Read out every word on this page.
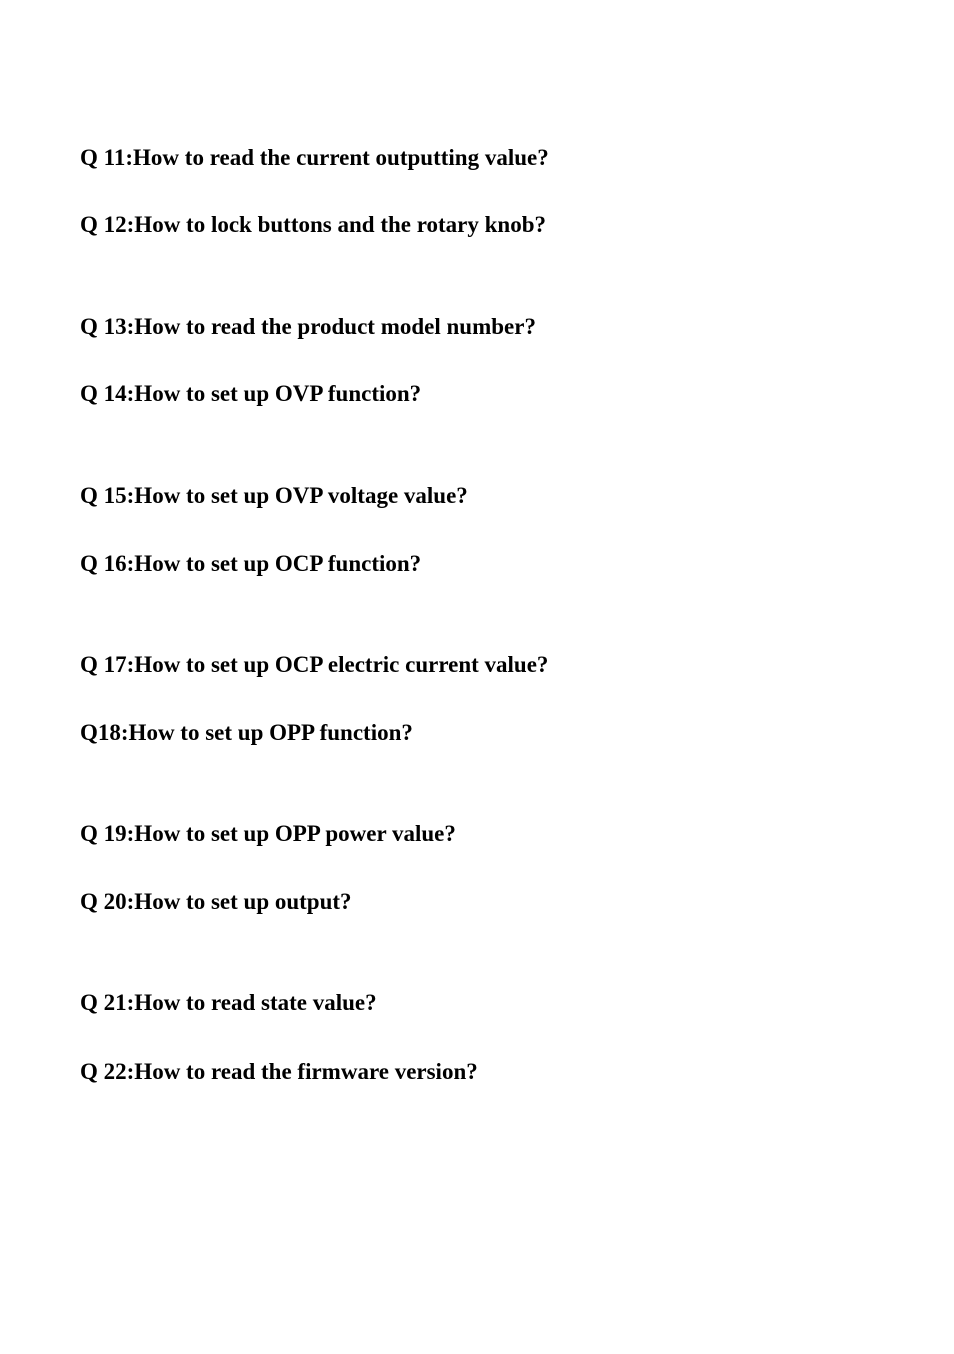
Q 11:How to read the current outputting value?

Q 12:How to lock buttons and the rotary knob?

Q 13:How to read the product model number?

Q 14:How to set up OVP function?

Q 15:How to set up OVP voltage value?

Q 16:How to set up OCP function?

Q 17:How to set up OCP electric current value?

Q18:How to set up OPP function?

Q 19:How to set up OPP power value?

Q 20:How to set up output?

Q 21:How to read state value?

Q 22:How to read the firmware version?
